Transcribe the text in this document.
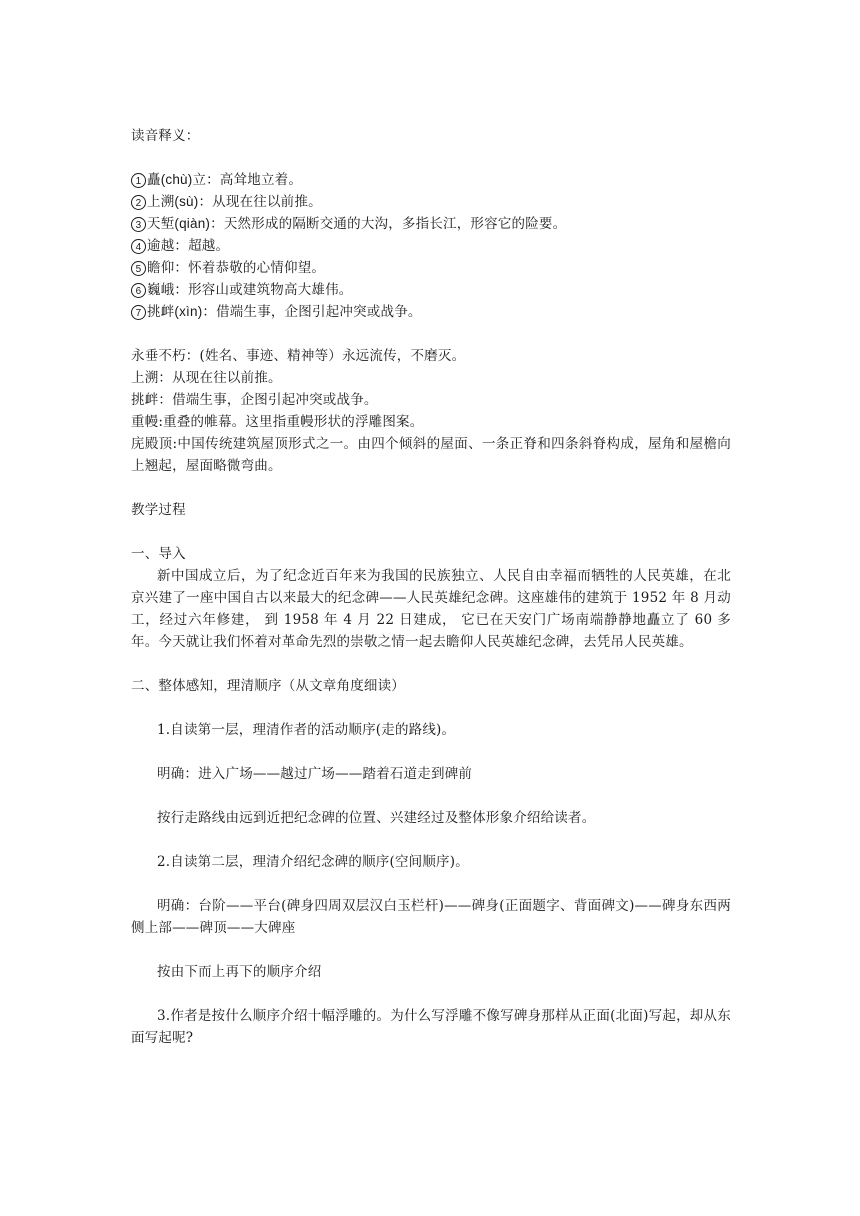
读音释义：
1 矗(chù)立：高耸地立着。
2 上溯(sù)：从现在往以前推。
3 天堑(qiàn)：天然形成的隔断交通的大沟，多指长江，形容它的险要。
4 逾越：超越。
5 瞻仰：怀着恭敬的心情仰望。
6 巍峨：形容山或建筑物高大雄伟。
7 挑衅(xìn)：借端生事，企图引起冲突或战争。
永垂不朽：(姓名、事迹、精神等）永远流传，不磨灭。
上溯：从现在往以前推。
挑衅：借端生事，企图引起冲突或战争。
重幔:重叠的帷幕。这里指重幔形状的浮雕图案。
庑殿顶:中国传统建筑屋顶形式之一。由四个倾斜的屋面、一条正脊和四条斜脊构成，屋角和屋檐向上翘起，屋面略微弯曲。
教学过程
一、导入
新中国成立后，为了纪念近百年来为我国的民族独立、人民自由幸福而牺牲的人民英雄，在北京兴建了一座中国自古以来最大的纪念碑——人民英雄纪念碑。这座雄伟的建筑于 1952 年 8 月动工，经过六年修建， 到 1958 年 4 月 22 日建成， 它已在天安门广场南端静静地矗立了 60 多年。今天就让我们怀着对革命先烈的崇敬之情一起去瞻仰人民英雄纪念碑，去凭吊人民英雄。
二、整体感知，理清顺序（从文章角度细读）
1.自读第一层，理清作者的活动顺序(走的路线)。
明确：进入广场——越过广场——踏着石道走到碑前
按行走路线由远到近把纪念碑的位置、兴建经过及整体形象介绍给读者。
2.自读第二层，理清介绍纪念碑的顺序(空间顺序)。
明确：台阶——平台(碑身四周双层汉白玉栏杆)——碑身(正面题字、背面碑文)——碑身东西两侧上部——碑顶——大碑座
按由下而上再下的顺序介绍
3.作者是按什么顺序介绍十幅浮雕的。为什么写浮雕不像写碑身那样从正面(北面)写起，却从东面写起呢?
